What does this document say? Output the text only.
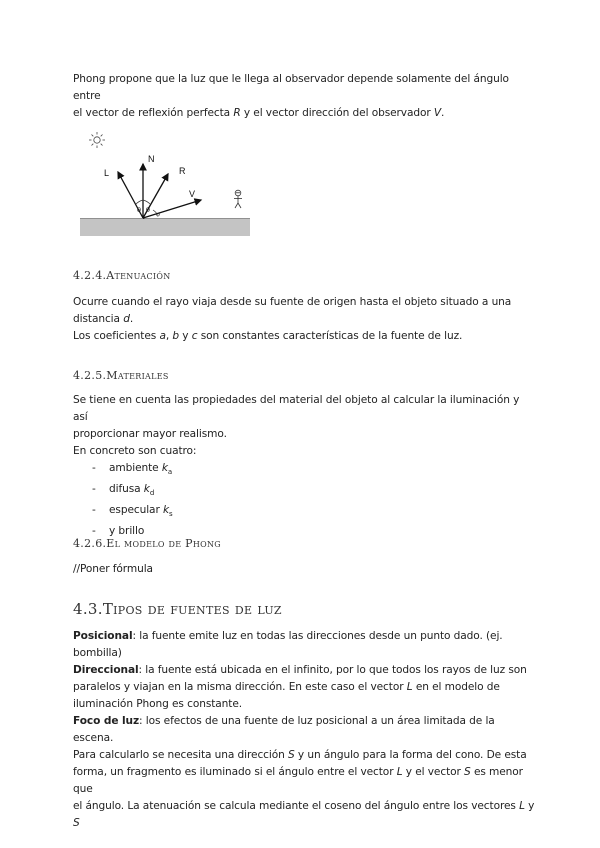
Phong propone que la luz que le llega al observador depende solamente del ángulo entre
el vector de reflexión perfecta R y el vector dirección del observador V.
N
L	R
V
θ θ
φ
4.2.4.Atenuación
Ocurre cuando el rayo viaja desde su fuente de origen hasta el objeto situado a una
distancia d.
Los coeficientes a, b y c son constantes características de la fuente de luz.
4.2.5.Materiales
Se tiene en cuenta las propiedades del material del objeto al calcular la iluminación y así
proporcionar mayor realismo.
En concreto son cuatro:
- ambiente $k_a$
- difusa $k_d$
- especular $k_s$
- y brillo
4.2.6.El modelo de Phong
//Poner fórmula
4.3.Tipos de fuentes de luz
Posicional: la fuente emite luz en todas las direcciones desde un punto dado. (ej. bombilla)
Direccional: la fuente está ubicada en el infinito, por lo que todos los rayos de luz son
paralelos y viajan en la misma dirección. En este caso el vector L en el modelo de
iluminación Phong es constante.
Foco de luz: los efectos de una fuente de luz posicional a un área limitada de la escena.
Para calcularlo se necesita una dirección S y un ángulo para la forma del cono. De esta
forma, un fragmento es iluminado si el ángulo entre el vector L y el vector S es menor que
el ángulo. La atenuación se calcula mediante el coseno del ángulo entre los vectores L y S
